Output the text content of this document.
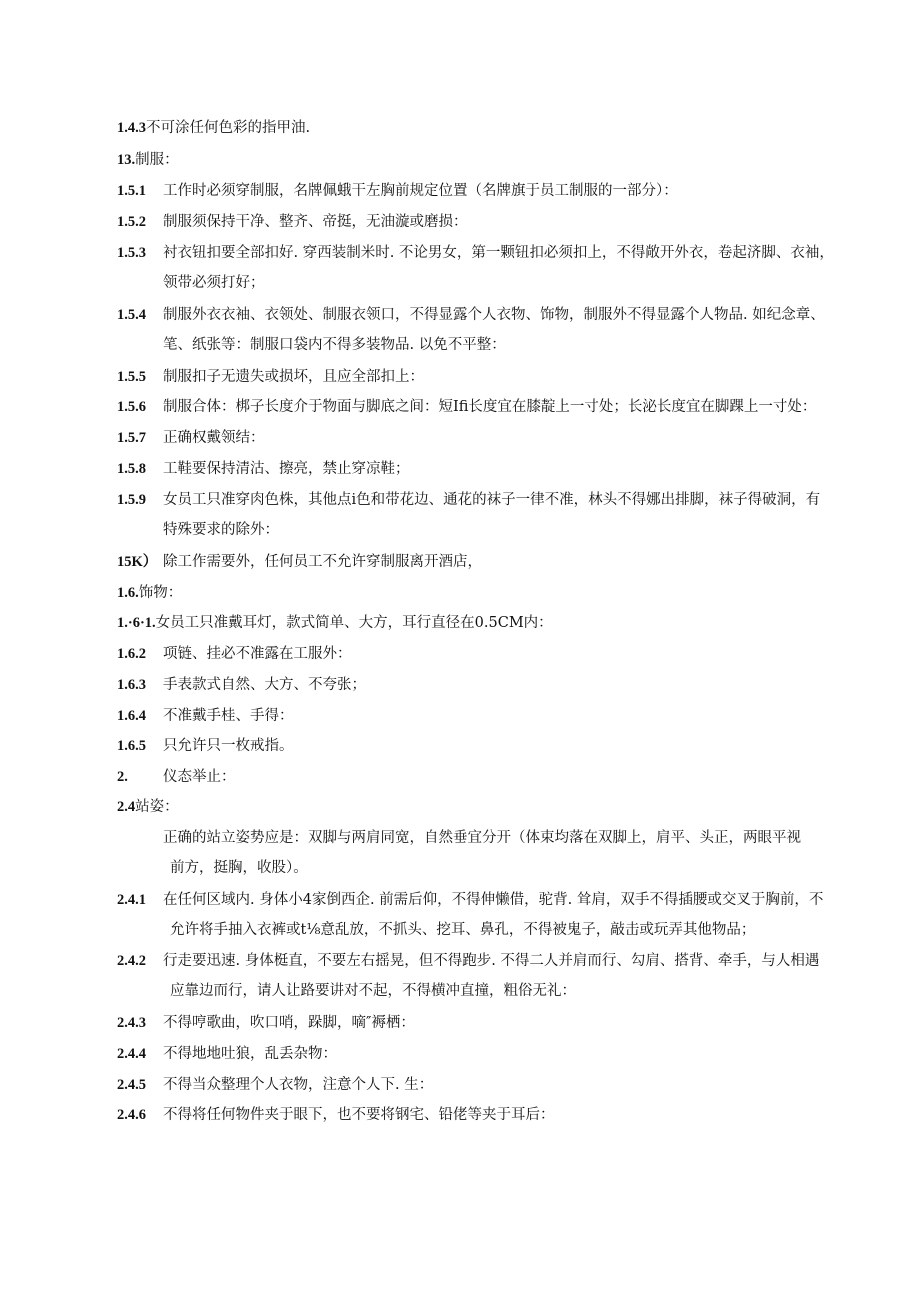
1.4.3不可涂任何色彩的指甲油.
13.制服：
1.5.1 工作时必须穿制服，名牌佩蛾干左胸前规定位置（名牌旗于员工制服的一部分）：
1.5.2 制服须保持干净、整齐、帝挺，无油漩或磨损：
1.5.3 衬衣钮扣要全部扣好. 穿西装制米时. 不论男女，第一颗钮扣必须扣上，不得敞开外衣，卷起济脚、衣袖，
领带必须打好；
1.5.4 制服外衣衣袖、衣领处、制服衣领口，不得显露个人衣物、饰物，制服外不得显露个人物品. 如纪念章、
笔、纸张等：制服口袋内不得多装物品. 以免不平整：
1.5.5 制服扣子无遗失或损坏，且应全部扣上：
1.5.6 制服合体：梆子长度介于物面与脚底之间：短Ifi长度宜在膝靛上一寸处；长泌长度宜在脚踝上一寸处：
1.5.7 正确权戴领结：
1.5.8 工鞋要保持清沽、擦亮，禁止穿凉鞋；
1.5.9 女员工只准穿肉色株，其他点i色和带花边、通花的袜子一律不准，林头不得娜出排脚，袜子得破洞，有
特殊要求的除外：
15K） 除工作需要外，任何员工不允许穿制服离开酒店，
1.6.饰物：
1.·6·1.女员工只准戴耳灯，款式简单、大方，耳行直径在0.5CM内：
1.6.2 项链、挂必不准露在工服外：
1.6.3 手表款式自然、大方、不夸张；
1.6.4 不准戴手桂、手得：
1.6.5 只允许只一枚戒指。
2. 仪态举止：
2.4站姿：
正确的站立姿势应是：双脚与两肩同宽，自然垂宜分开（体束均落在双脚上，肩平、头正，两眼平视
前方，挺胸，收股）。
2.4.1 在任何区域内. 身体小4家倒西企. 前需后仰，不得伸懒借，驼背. 耸肩，双手不得插腰或交叉于胸前，不
允许将手抽入衣裤或t⅛意乱放，不抓头、挖耳、鼻孔，不得被鬼子，敲击或玩弄其他物品；
2.4.2 行走要迅速. 身体梃直，不要左右摇晃，但不得跑步. 不得二人并肩而行、勾肩、搭背、牵手，与人相遇
应靠边而行，请人让路要讲对不起，不得横冲直撞，粗俗无礼：
2.4.3 不得哼歌曲，吹口哨，跺脚，嘀″褥栖：
2.4.4 不得地地吐狼，乱丢杂物：
2.4.5 不得当众整理个人衣物，注意个人下. 生：
2.4.6 不得将任何物件夹于眼下，也不要将钢宅、铅佬等夹于耳后：
